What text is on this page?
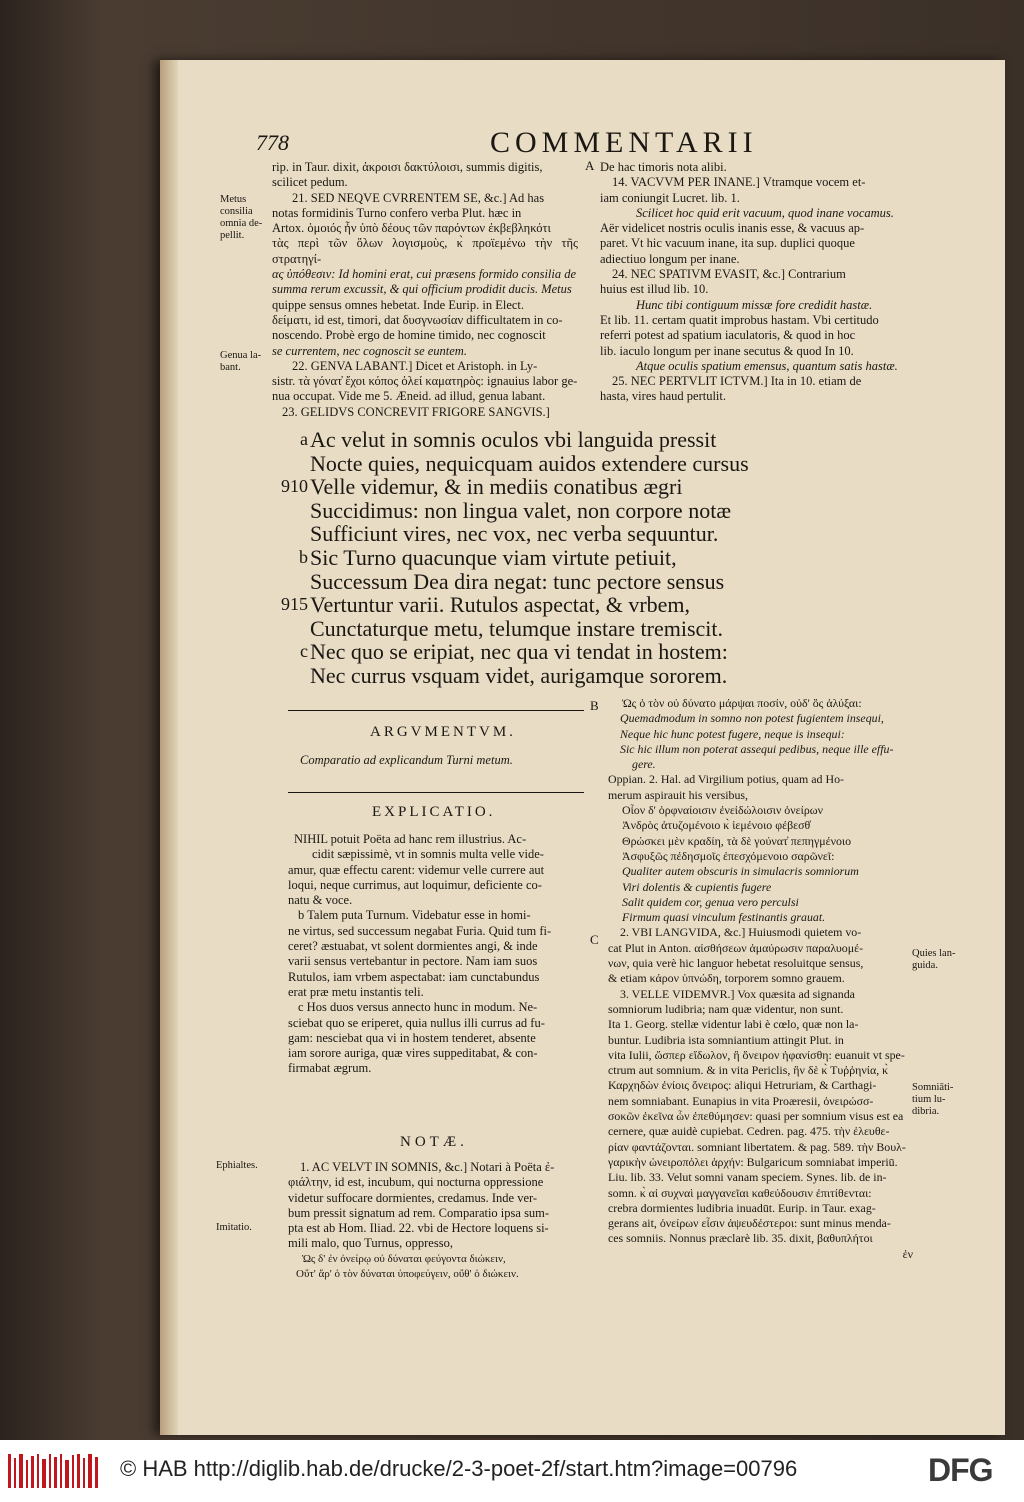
778	COMMENTARII

rip. in Taur. dixit, ἀκροισι δακτύλοισι, summis digitis,

scilicet pedum.

21. SED NEQVE CVRRENTEM SE, &c.] Ad has

notas formidinis Turno confero verba Plut. hæc in

Artox. ὁμοιός ἦν ὑπὸ δέους τῶν παρόντων ἐκβεβληκότι

τὰς περὶ τῶν ὅλων λογισμοὺς, κ̀ προϊεμένω τὴν τῆς στρατηγί-

ας ὑπόθεσιν: Id homini erat, cui præsens formido consilia de

summa rerum excussit, & qui officium prodidit ducis. Metus

quippe sensus omnes hebetat. Inde Eurip. in Elect.

δείματι, id est, timori, dat δυσγνωσίαν difficultatem in co-

noscendo. Probè ergo de homine timido, nec cognoscit

se currentem, nec cognoscit se euntem.

22. GENVA LABANT.] Dicet et Aristoph. in Ly-

sistr. τὰ γόνατ̓ ἔχοι κόπος ὀλεί καματηρὸς: ignauius labor ge-

nua occupat. Vide me 5. Æneid. ad illud, genua labant.

23. GELIDVS CONCREVIT FRIGORE SANGVIS.]

Metus
consilia
omnia de-
pellit.
Genua la-
bant.
A De hac timoris nota alibi.

14. VACVVM PER INANE.] Vtramque vocem et-

iam coniungit Lucret. lib. 1.

Scilicet hoc quid erit vacuum, quod inane vocamus.

Aër videlicet nostris oculis inanis esse, & vacuus ap-

paret. Vt hic vacuum inane, ita sup. duplici quoque

adiectiuo longum per inane.

24. NEC SPATIVM EVASIT, &c.] Contrarium

huius est illud lib. 10.

Hunc tibi contiguum missæ fore credidit hastæ.

Et lib. 11. certam quatit improbus hastam. Vbi certitudo

referri potest ad spatium iaculatoris, & quod in hoc

lib. iaculo longum per inane secutus & quod In 10.

Atque oculis spatium emensus, quantum satis hastæ.

25. NEC PERTVLIT ICTVM.] Ita in 10. etiam de

hasta, vires haud pertulit.

a Ac velut in somnis oculos vbi languida pressit
Nocte quies, nequicquam auidos extendere cursus
910 Velle videmur, & in mediis conatibus ægri
Succidimus: non lingua valet, non corpore notæ
Sufficiunt vires, nec vox, nec verba sequuntur.
b Sic Turno quacunque viam virtute petiuit,
Successum Dea dira negat: tunc pectore sensus
915 Vertuntur varii. Rutulos aspectat, & vrbem,
Cunctaturque metu, telumque instare tremiscit.
c Nec quo se eripiat, nec qua vi tendat in hostem:
Nec currus vsquam videt, aurigamque sororem.
B
ARGVMENTVM.
Comparatio ad explicandum Turni metum.
EXPLICATIO.

NIHIL potuit Poëta ad hanc rem illustrius. Ac-

cidit sæpissimè, vt in somnis multa velle vide-

amur, quæ effectu carent: videmur velle currere aut

loqui, neque currimus, aut loquimur, deficiente co-

natu & voce.

b Talem puta Turnum. Videbatur esse in homi-

ne virtus, sed successum negabat Furia. Quid tum fi-

ceret? æstuabat, vt solent dormientes angi, & inde

varii sensus vertebantur in pectore. Nam iam suos

Rutulos, iam vrbem aspectabat: iam cunctabundus

erat præ metu instantis teli.

c Hos duos versus annecto hunc in modum. Ne-

sciebat quo se eriperet, quia nullus illi currus ad fu-

gam: nesciebat qua vi in hostem tenderet, absente

iam sorore auriga, quæ vires suppeditabat, & con-

firmabat ægrum.

NOTÆ.

1. AC VELVT IN SOMNIS, &c.] Notari à Poëta ἐ-

φιάλτην, id est, incubum, qui nocturna oppressione

videtur suffocare dormientes, credamus. Inde ver-

bum pressit signatum ad rem. Comparatio ipsa sum-

pta est ab Hom. Iliad. 22. vbi de Hectore loquens si-

mili malo, quo Turnus, oppresso,

Ὡς δ' ἐν ὀνείρῳ οὐ δύναται φεύγοντα διώκειν,

Οὔτ' ἄρ' ὁ τὸν δύναται ὑποφεύγειν, οὔθ' ὁ διώκειν.

Ephialtes.
Imitatio.
C

Ὡς ὁ τὸν οὐ δύνατο μάρψαι ποσίν, οὐδ' ὃς ἀλύξαι:

Quemadmodum in somno non potest fugientem insequi,

Neque hic hunc potest fugere, neque is insequi:

Sic hic illum non poterat assequi pedibus, neque ille effu-

gere.

Oppian. 2. Hal. ad Virgilium potius, quam ad Ho-

merum aspirauit his versibus,

Οἷον δ' ὀρφναίοισιν ἐνεἰδώλοισιν ὀνείρων

Ἀνδρὸς ἀτυζομένοιο κ̀ ἱεμένοιο φέβεσθ̓

Θρώσκει μὲν κραδίη, τὰ δὲ γούνατ̓ πεπηγμένοιο

Ἀσφυξῶς πέδησμοῖς ἐπεσχόμενοιο σαρῶνεῖ:

Qualiter autem obscuris in simulacris somniorum

Viri dolentis & cupientis fugere

Salit quidem cor, genua vero perculsi

Firmum quasi vinculum festinantis grauat.

2. VBI LANGVIDA, &c.] Huiusmodi quietem vo-

cat Plut in Anton. αἰσθήσεων ἀμαύρωσιν παραλυομέ-

νων, quia verè hic languor hebetat resoluitque sensus,

& etiam κάρον ὑπνώδη, torporem somno grauem.

3. VELLE VIDEMVR.] Vox quæsita ad signanda

somniorum ludibria; nam quæ videntur, non sunt.

Ita 1. Georg. stellæ videntur labi è cœlo, quæ non la-

buntur. Ludibria ista somniantium attingit Plut. in

vita Iulii, ὥσπερ εἴδωλον, ἢ ὄνειρον ἠφανίσθη: euanuit vt spe-

ctrum aut somnium. & in vita Periclis, ἣν δὲ κ̀ Τυῤῥηνία, κ̀

Καρχηδὼν ἐνίοις ὄνειρος: aliqui Hetruriam, & Carthagi-

nem somniabant. Eunapius in vita Proæresii, ὀνειρώσσ-

σοκῶν ἐκεῖνα ὧν ἐπεθύμησεν: quasi per somnium visus est ea

cernere, quæ auidè cupiebat. Cedren. pag. 475. τὴν ἐλευθε-

ρίαν φαντάζονται. somniant libertatem. & pag. 589. τὴν Βουλ-

γαρικὴν ὠνειροπόλει ἀρχήν: Bulgaricum somniabat imperiū.

Liu. lib. 33. Velut somni vanam speciem. Synes. lib. de in-

somn. κ̀ αἱ συχναὶ μαγγανεῖαι καθεύδουσιν ἐπιτίθενται:

crebra dormientes ludibria inuadūt. Eurip. in Taur. exag-

gerans ait, ὀνείρων εἶσιν ἀψευδέστεροι: sunt minus menda-

ces somniis. Nonnus præclarè lib. 35. dixit, βαθυπλήτοι

ἐν

Quies lan-
guida.
Somniāti-
tium lu-
dibria.
© HAB http://diglib.hab.de/drucke/2-3-poet-2f/start.htm?image=00796	DFG
